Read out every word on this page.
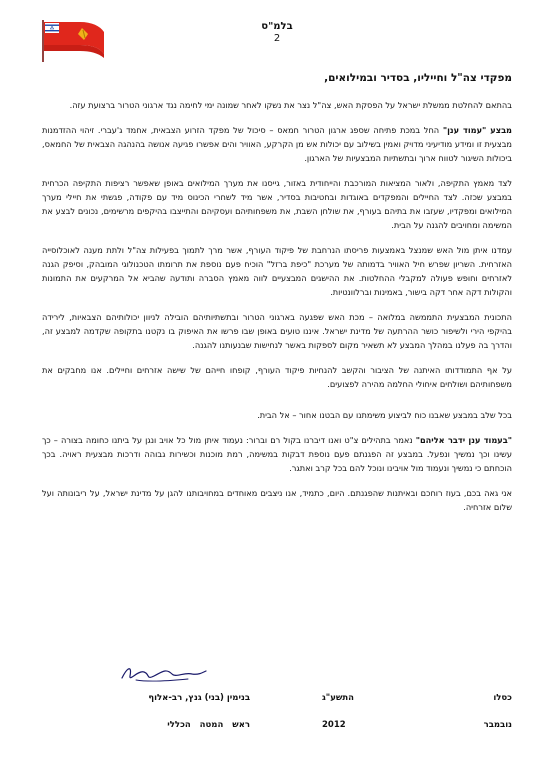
בלמ"ס
2
מפקדי צה"ל וחייליו, בסדיר ובמילואים,

בהתאם להחלטת ממשלת ישראל על הפסקת האש, צה"ל נצר את נשקו לאחר שמונה ימי לחימה נגד ארגוני הטרור ברצועת עזה.

מבצע "עמוד ענן" החל במכת פתיחה שספג ארגון הטרור חמאס – סיכול של מפקד הזרוע הצבאית, אחמד ג'עברי. זיהוי ההזדמנות מבצעית זו ומידע מודיעיני מדויק ואמין בשילוב עם יכולות אש מן הקרקע, האוויר והים אפשרו פגיעה אנושה בהנהגה הצבאית של החמאס, ביכולות השיגור לטווח ארוך ובתשתיות המבצעיות של הארגון.

לצד מאמץ התקיפה, ולאור המציאות המורכבת והייחודית באזור, גייסנו את מערך המילואים באופן שאפשר רציפות התקיפה הכרחית במבצע שכזה. לצד החיילים והמפקדים באוגדות ובחטיבות בסדיר, אשר מיד לשחרי הכינוס מיד עם פקודה, פגשתי את חיילי מערך המילואים ומפקדיו, שעזבו את בתיהם בעורף, את שולחן השבת, את משפחותיהם ועסקיהם והתייצבו בהיקפים מרשימים, נכונים לבצע את המשימה ומחויבים להגנה על הבית.

עמדנו איתן מול האש שמנצל באמצעות פריסתו הנרחבת של פיקוד העורף, אשר מרך לתמוך בפעילות צה"ל ולתת מענה לאוכלוסייה האזרחית. השריון שפרש חיל האוויר בדמותה של מערכת "כיפת ברזל" הוכיח פעם נוספת את תרומתו הטכנולוגי המובהק, וסיפק הגנה לאזרחים וחופש פעולה למקבלי ההחלטות. את ההישגים המבצעיים לווה מאמץ הסברה ותודעה שהביא אל המרקעים את התמונות והקולות דקה אחר דקה בישור, באמינות וברלוונטיות.

התכונית המבצעית התממשה במלואה – מכת האש שפגעה בארגוני הטרור ובתשתיותיהם הובילה לניוון יכולותיהם הצבאיות, לירידה בהיקפי הירי ולשיפור כושר ההרתעה של מדינת ישראל. איננו טועים באופן שבו פרשו את האיפוק בו נקטנו בתקופה שקדמה למבצע זה, והדרך בה פעלנו במהלך המבצע לא תשאיר מקום לספקות באשר לנחישות שבנעותנו להגנה.

על אף התמודדותו האיתנה של הציבור והקשב להנחיות פיקוד העורף, קופחו חייהם של שישה אזרחים וחיילים. אנו מחבקים את משפחותיהם ושולחים איחולי החלמה מהירה לפצועים.

בכל שלב במבצע שאבנו כוח לביצוע משימתנו עם הבטנו אחור – אל הבית.

"בעמוד ענן ידבר אליהם" נאמר בתהילים צ"ט ואנו דיברנו בקול רם וברור: נעמוד איתן מול כל אויב ונגן על ביתנו כחומה בצורה – כך עשינו וכך נמשיך ונפעל. במבצע זה הפגנתם פעם נוספת דבקות במשימה, רמת מוכנות וכשירות גבוהה ודרכות מבצעית ראויה. בכך הוכחתם כי נמשיך ונעמוד מול אויבינו ונוכל להם בכל קרב ואתגר.

אני גאה בכם, בעוז רוחכם ובאיתנות שהפגנתם. היום, כתמיד, אנו ניצבים מאוחדים במחויבותנו להגן על מדינת ישראל, על ריבונותה ועל שלום אזרחיה.

בנימין (בני) גנץ, רב-אלוף
ראש המטה הכללי
כסלו
התשע"ג
נובמבר
2012
